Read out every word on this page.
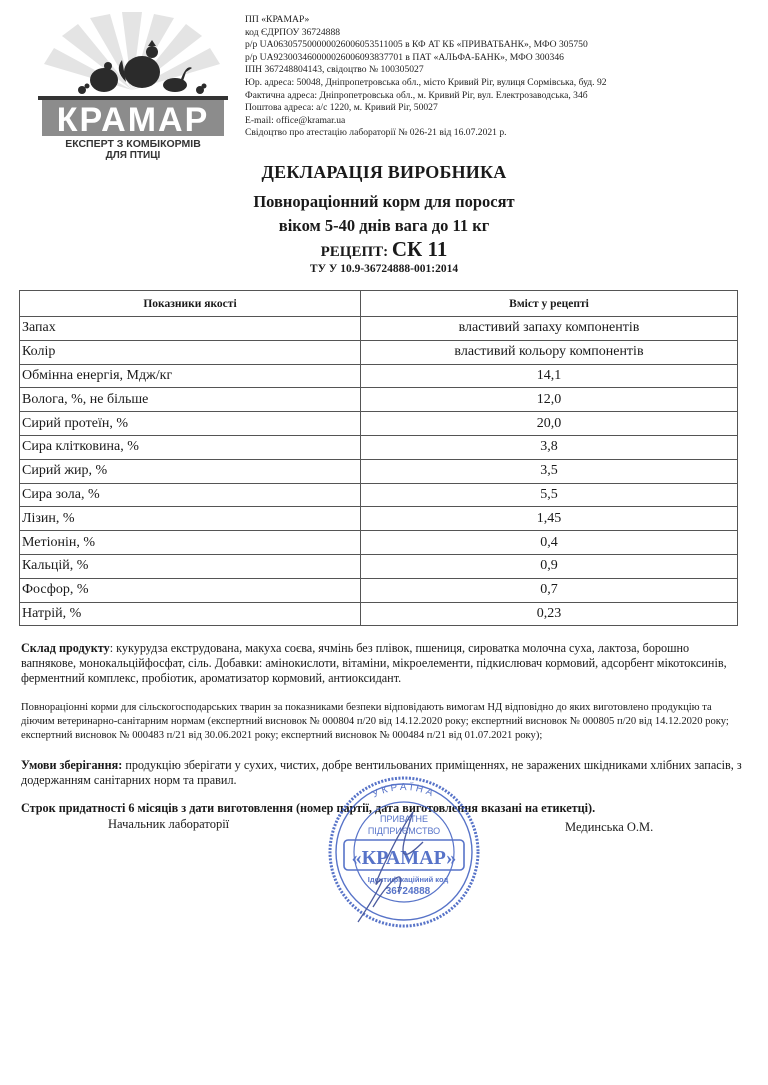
КРАМАР
ЕКСПЕРТ З КОМБІКОРМІВ
ДЛЯ ПТИЦІ
ПП «КРАМАР»
код ЄДРПОУ 36724888
р/р UA063057500000026006053511005 в КФ АТ КБ «ПРИВАТБАНК», МФО 305750
р/р UA923003460000026006093837701 в ПАТ «АЛЬФА-БАНК», МФО 300346
ІПН 367248804143, свідоцтво № 100305027
Юр. адреса: 50048, Дніпропетровська обл., місто Кривий Ріг, вулиця Сормівська, буд. 92
Фактична адреса: Дніпропетровська обл., м. Кривий Ріг, вул. Електрозаводська, 34б
Поштова адреса: а/с 1220, м. Кривий Ріг, 50027
E-mail: office@kramar.ua
Свідоцтво про атестацію лабораторії № 026-21 від 16.07.2021 р.
ДЕКЛАРАЦІЯ ВИРОБНИКА
Повнораціонний корм для поросят
віком 5-40 днів вага до 11 кг
РЕЦЕПТ: СК 11
ТУ У 10.9-36724888-001:2014
Показники якості	Вміст у рецепті
Запах	властивий запаху компонентів
Колір	властивий кольору компонентів
Обмінна енергія, Мдж/кг	14,1
Волога, %, не більше	12,0
Сирий протеїн, %	20,0
Сира клітковина, %	3,8
Сирий жир, %	3,5
Сира зола, %	5,5
Лізин, %	1,45
Метіонін, %	0,4
Кальцій, %	0,9
Фосфор, %	0,7
Натрій, %	0,23
Склад продукту: кукурудза екструдована, макуха соєва, ячмінь без плівок, пшениця, сироватка молочна суха, лактоза, борошно вапнякове, монокальційфосфат, сіль. Добавки: амінокислоти, вітаміни, мікроелементи, підкислювач кормовий, адсорбент мікотоксинів, ферментний комплекс, пробіотик, ароматизатор кормовий, антиоксидант.
Повнораціонні корми для сільскогосподарських тварин за показниками безпеки відповідають вимогам НД відповідно до яких виготовлено продукцію та діючим ветеринарно-санітарним нормам (експертний висновок № 000804 п/20 від 14.12.2020 року; експертний висновок № 000805 п/20 від 14.12.2020 року; експертний висновок № 000483 п/21 від 30.06.2021 року; експертний висновок № 000484 п/21 від 01.07.2021 року);
Умови зберігання: продукцію зберігати у сухих, чистих, добре вентильованих приміщеннях, не заражених шкідниками хлібних запасів, з додержанням санітарних норм та правил.
Строк придатності 6 місяців з дати виготовлення (номер партії, дата виготовлення вказані на етикетці).
Начальник лабораторії	Мединська О.М.
УКРАЇНА
ПРИВАТНЕ
ПІДПРИЄМСТВО
«КРАМАР»
Ідентифікаційний код
36724888
